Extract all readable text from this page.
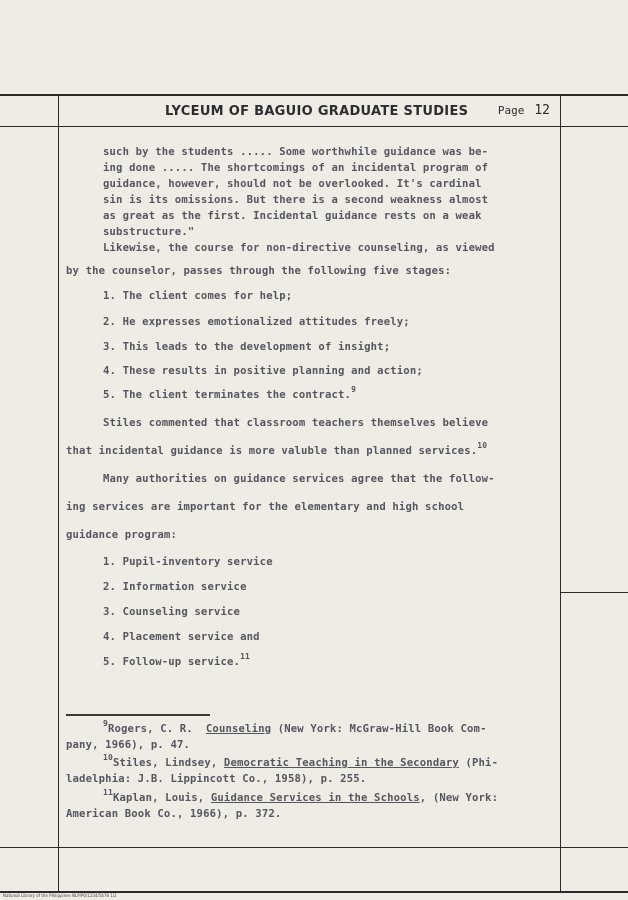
LYCEUM OF BAGUIO GRADUATE STUDIES	Page 12
such by the students ..... Some worthwhile guidance was be-
ing done ..... The shortcomings of an incidental program of
guidance, however, should not be overlooked. It's cardinal
sin is its omissions. But there is a second weakness almost
as great as the first. Incidental guidance rests on a weak
substructure."
Likewise, the course for non-directive counseling, as viewed
by the counselor, passes through the following five stages:
1. The client comes for help;
2. He expresses emotionalized attitudes freely;
3. This leads to the development of insight;
4. These results in positive planning and action;
5. The client terminates the contract.$^9$
Stiles commented that classroom teachers themselves believe
that incidental guidance is more valuble than planned services.$^{10}$
Many authorities on guidance services agree that the follow-
ing services are important for the elementary and high school
guidance program:
1. Pupil-inventory service
2. Information service
3. Counseling service
4. Placement service and
5. Follow-up service.$^{11}$
$^9$Rogers, C. R.  Counseling (New York: McGraw-Hill Book Com-
pany, 1966), p. 47.
$^{10}$Stiles, Lindsey, Democratic Teaching in the Secondary (Phi-
ladelphia: J.B. Lippincott Co., 1958), p. 255.
$^{11}$Kaplan, Louis, Guidance Services in the Schools, (New York:
American Book Co., 1966), p. 372.
National Library of the Philippines NLP/P0/1234/5678 1/2
